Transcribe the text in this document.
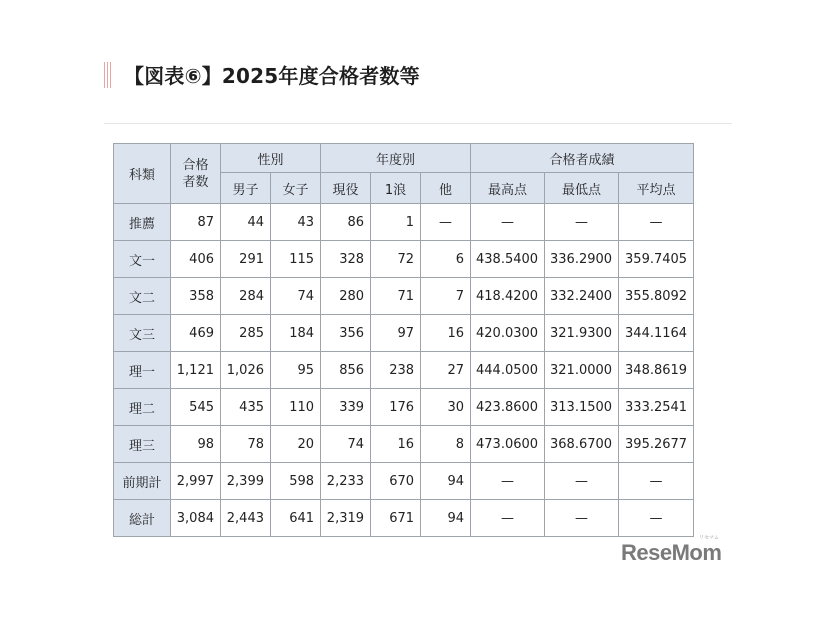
【図表⑥】2025年度合格者数等
科類	合格者数	性別		年度別			合格者成績		
		男子	女子	現役	1浪	他	最高点	最低点	平均点
推薦	87	44	43	86	1	—	—	—	—
文一	406	291	115	328	72	6	438.5400	336.2900	359.7405
文二	358	284	74	280	71	7	418.4200	332.2400	355.8092
文三	469	285	184	356	97	16	420.0300	321.9300	344.1164
理一	1,121	1,026	95	856	238	27	444.0500	321.0000	348.8619
理二	545	435	110	339	176	30	423.8600	313.1500	333.2541
理三	98	78	20	74	16	8	473.0600	368.6700	395.2677
前期計	2,997	2,399	598	2,233	670	94	—	—	—
総計	3,084	2,443	641	2,319	671	94	—	—	—
リセマム
ReseMom
